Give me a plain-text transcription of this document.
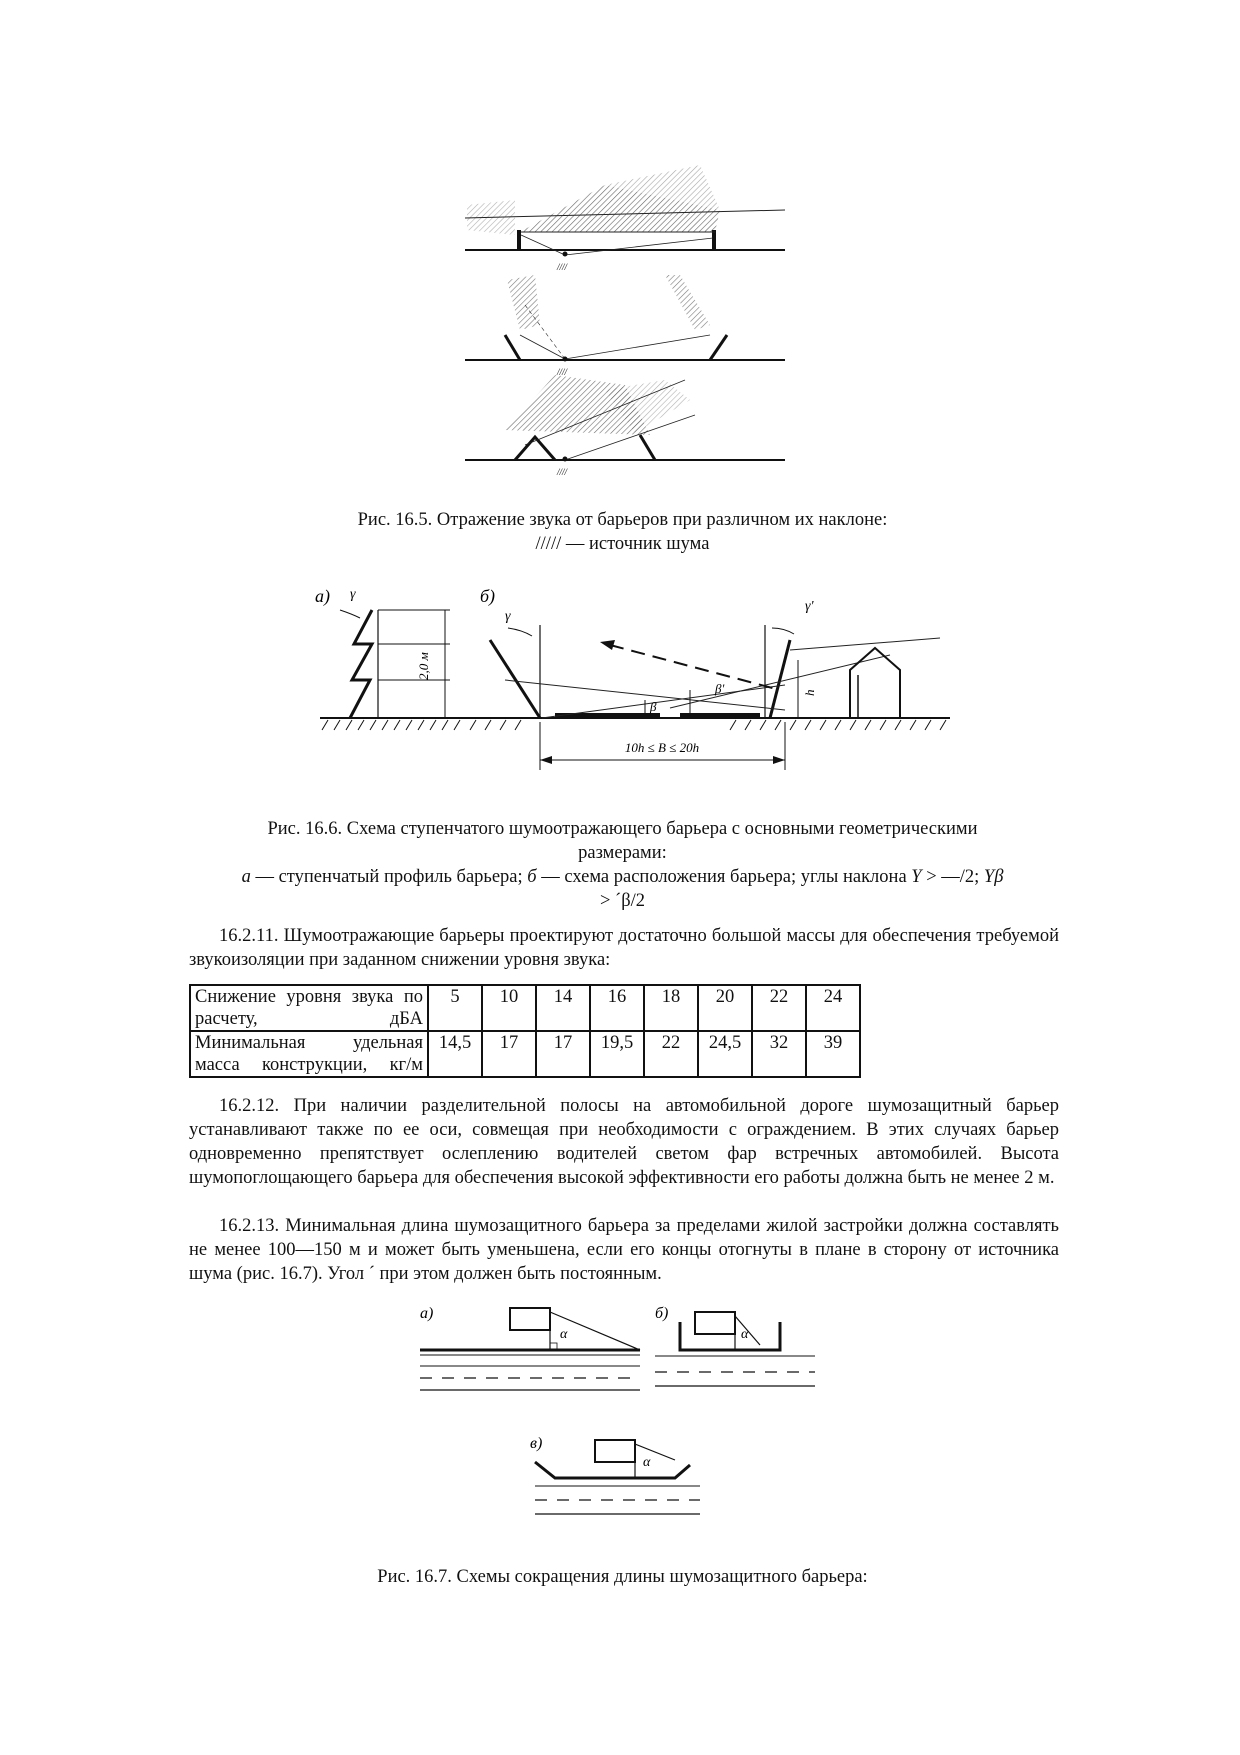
////
////
////
Рис. 16.5. Отражение звука от барьеров при различном их наклоне:
///// — источник шума
а) γ
2,0 м
б)
γ
γ'
β
β'	h
10h ≤ B ≤ 20h
Рис. 16.6. Схема ступенчатого шумоотражающего барьера с основными геометрическими
размерами:
а — ступенчатый профиль барьера; б — схема расположения барьера; углы наклона Y > —/2; Yβ
> ´β/2
16.2.11. Шумоотражающие барьеры проектируют достаточно большой массы для обеспечения требуемой звукоизоляции при заданном снижении уровня звука:
Снижение уровня звука по расчету, дБА	5	10	14	16	18	20	22	24
Минимальная удельная масса конструкции, кг/м	14,5	17	17	19,5	22	24,5	32	39
16.2.12. При наличии разделительной полосы на автомобильной дороге шумозащитный барьер устанавливают также по ее оси, совмещая при необходимости с ограждением. В этих случаях барьер одновременно препятствует ослеплению водителей светом фар встречных автомобилей. Высота шумопоглощающего барьера для обеспечения высокой эффективности его работы должна быть не менее 2 м.
16.2.13. Минимальная длина шумозащитного барьера за пределами жилой застройки должна составлять не менее 100—150 м и может быть уменьшена, если его концы отогнуты в плане в сторону от источника шума (рис. 16.7). Угол ´ при этом должен быть постоянным.
а)
α
б)
α
в)
α
Рис. 16.7. Схемы сокращения длины шумозащитного барьера:
